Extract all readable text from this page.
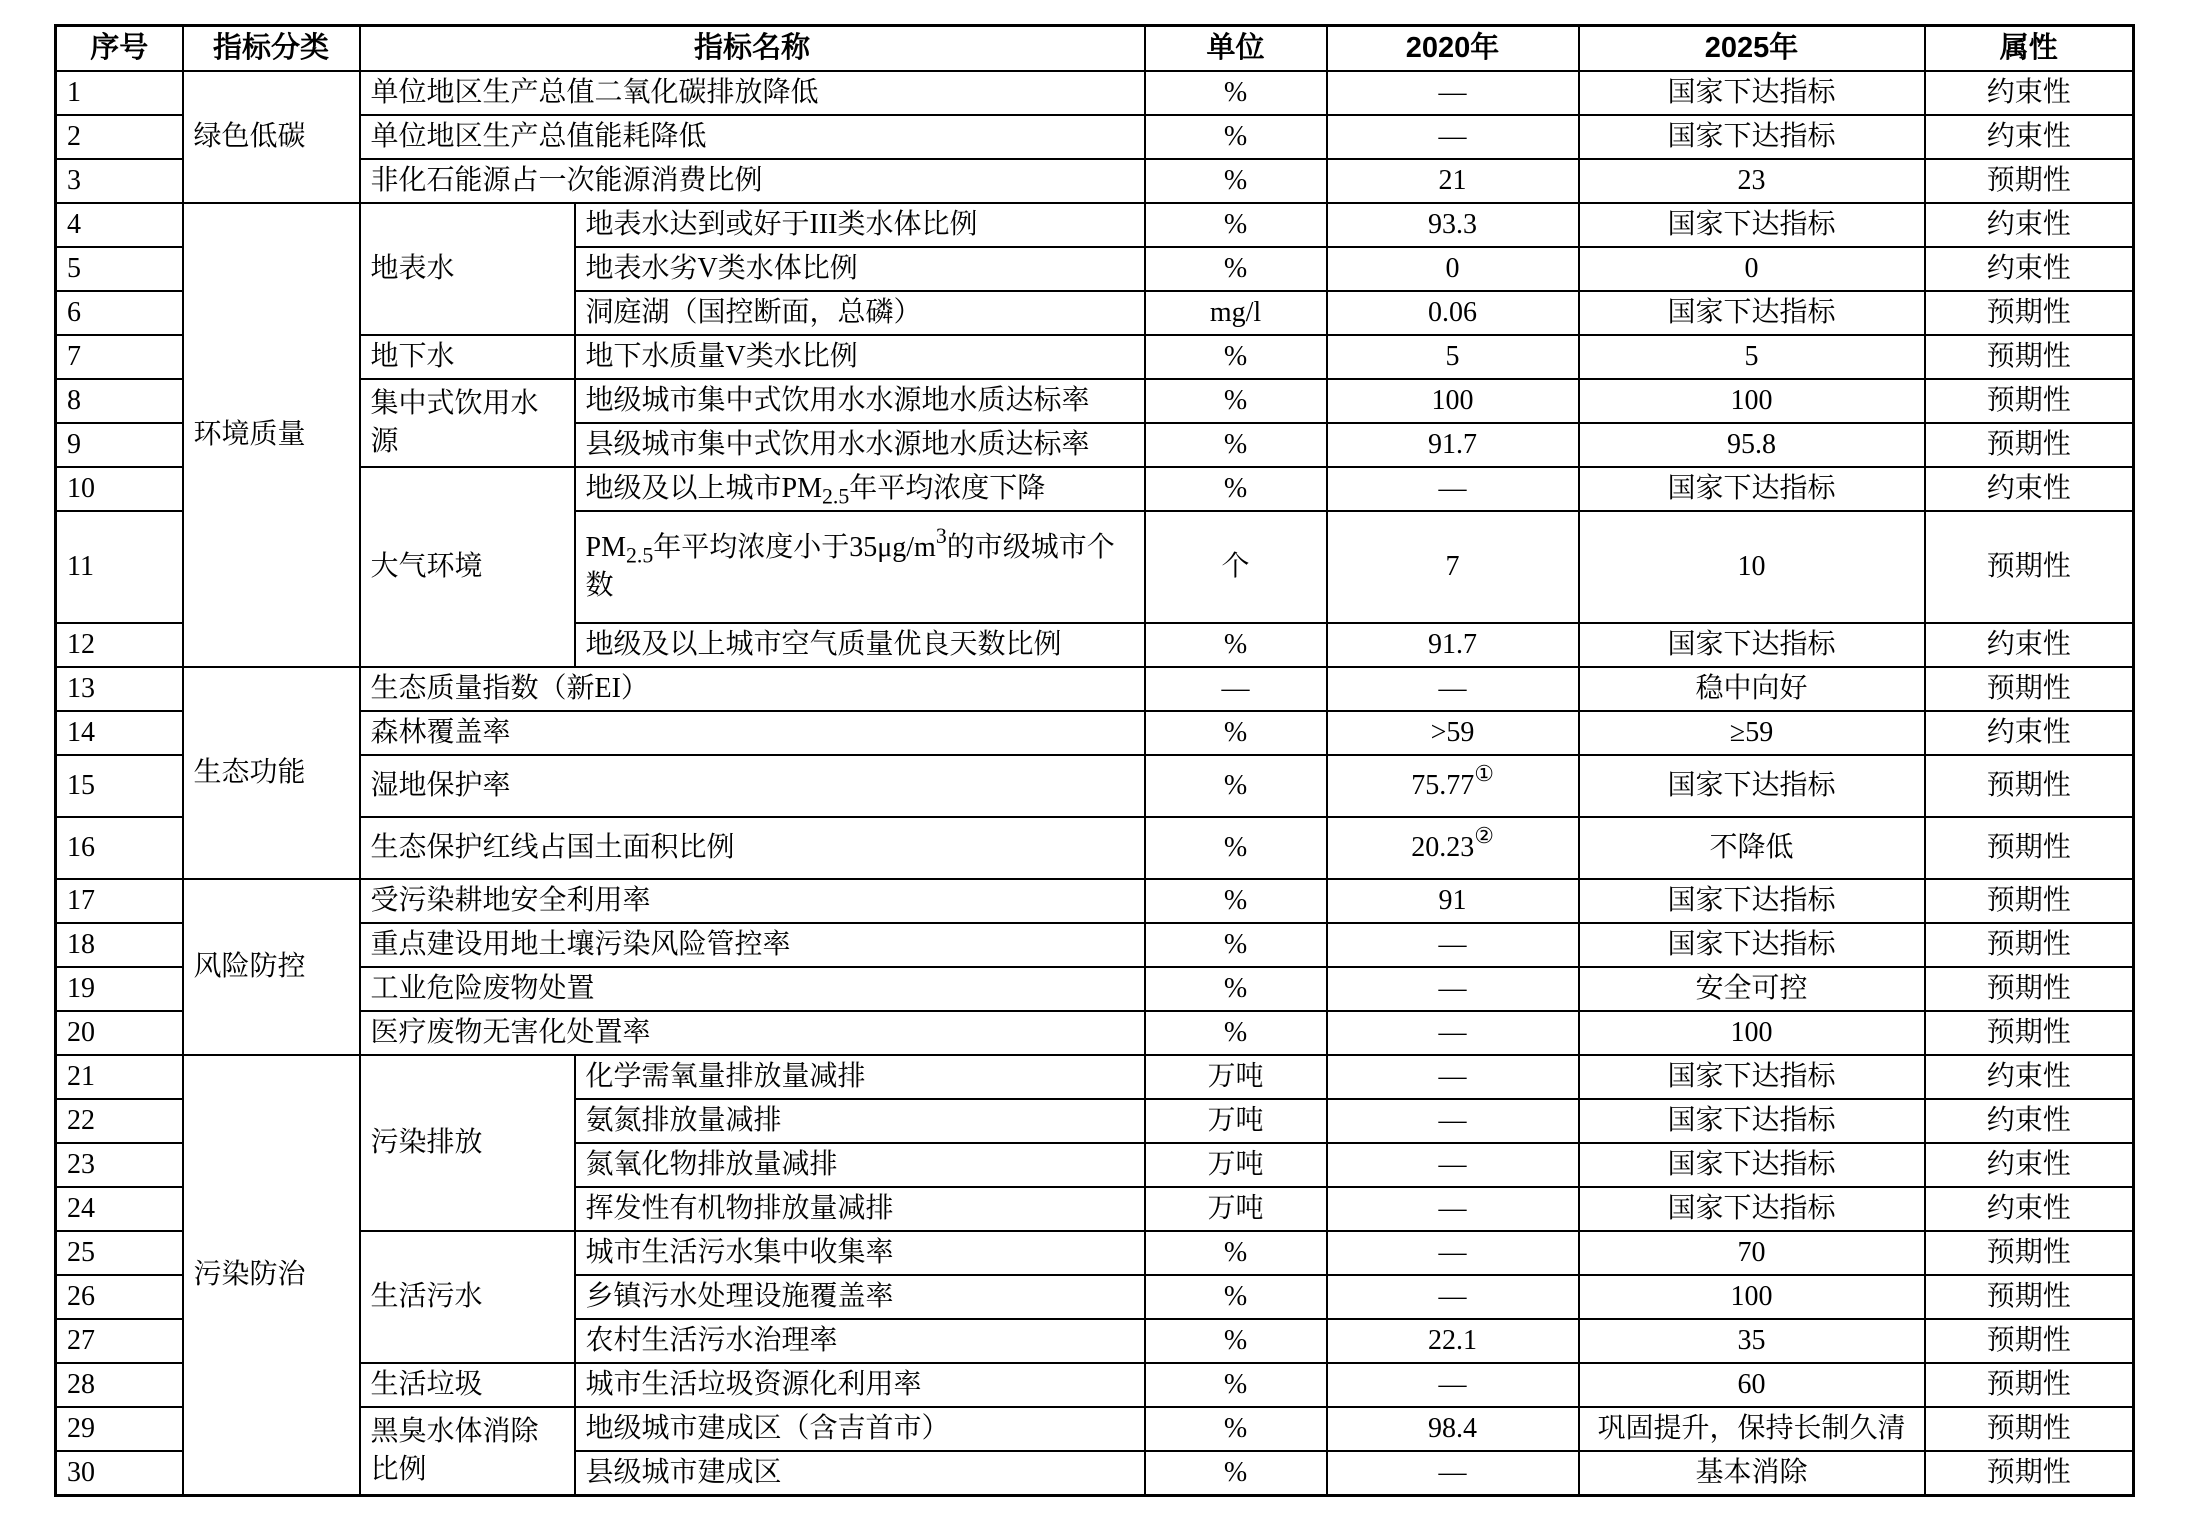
序号	指标分类	指标名称		单位	2020年	2025年	属性
1	绿色低碳	单位地区生产总值二氧化碳排放降低		%	—	国家下达指标	约束性
2		单位地区生产总值能耗降低		%	—	国家下达指标	约束性
3		非化石能源占一次能源消费比例		%	21	23	预期性
4	环境质量	地表水	地表水达到或好于III类水体比例	%	93.3	国家下达指标	约束性
5			地表水劣V类水体比例	%	0	0	约束性
6			洞庭湖（国控断面，总磷）	mg/l	0.06	国家下达指标	预期性
7		地下水	地下水质量V类水比例	%	5	5	预期性
8		集中式饮用水源	地级城市集中式饮用水水源地水质达标率	%	100	100	预期性
9			县级城市集中式饮用水水源地水质达标率	%	91.7	95.8	预期性
10		大气环境	地级及以上城市$PM_{2.5}$年平均浓度下降	%	—	国家下达指标	约束性
11			$PM_{2.5}$年平均浓度小于$35\mu g/m^3$的市级城市个数	个	7	10	预期性
12			地级及以上城市空气质量优良天数比例	%	91.7	国家下达指标	约束性
13	生态功能	生态质量指数（新EI）		—	—	稳中向好	预期性
14		森林覆盖率		%	>59	≥59	约束性
15		湿地保护率		%	75.77①	国家下达指标	预期性
16		生态保护红线占国土面积比例		%	20.23②	不降低	预期性
17	风险防控	受污染耕地安全利用率		%	91	国家下达指标	预期性
18		重点建设用地土壤污染风险管控率		%	—	国家下达指标	预期性
19		工业危险废物处置		%	—	安全可控	预期性
20		医疗废物无害化处置率		%	—	100	预期性
21	污染防治	污染排放	化学需氧量排放量减排	万吨	—	国家下达指标	约束性
22			氨氮排放量减排	万吨	—	国家下达指标	约束性
23			氮氧化物排放量减排	万吨	—	国家下达指标	约束性
24			挥发性有机物排放量减排	万吨	—	国家下达指标	约束性
25		生活污水	城市生活污水集中收集率	%	—	70	预期性
26			乡镇污水处理设施覆盖率	%	—	100	预期性
27			农村生活污水治理率	%	22.1	35	预期性
28		生活垃圾	城市生活垃圾资源化利用率	%	—	60	预期性
29		黑臭水体消除比例	地级城市建成区（含吉首市）	%	98.4	巩固提升，保持长制久清	预期性
30			县级城市建成区	%	—	基本消除	预期性
